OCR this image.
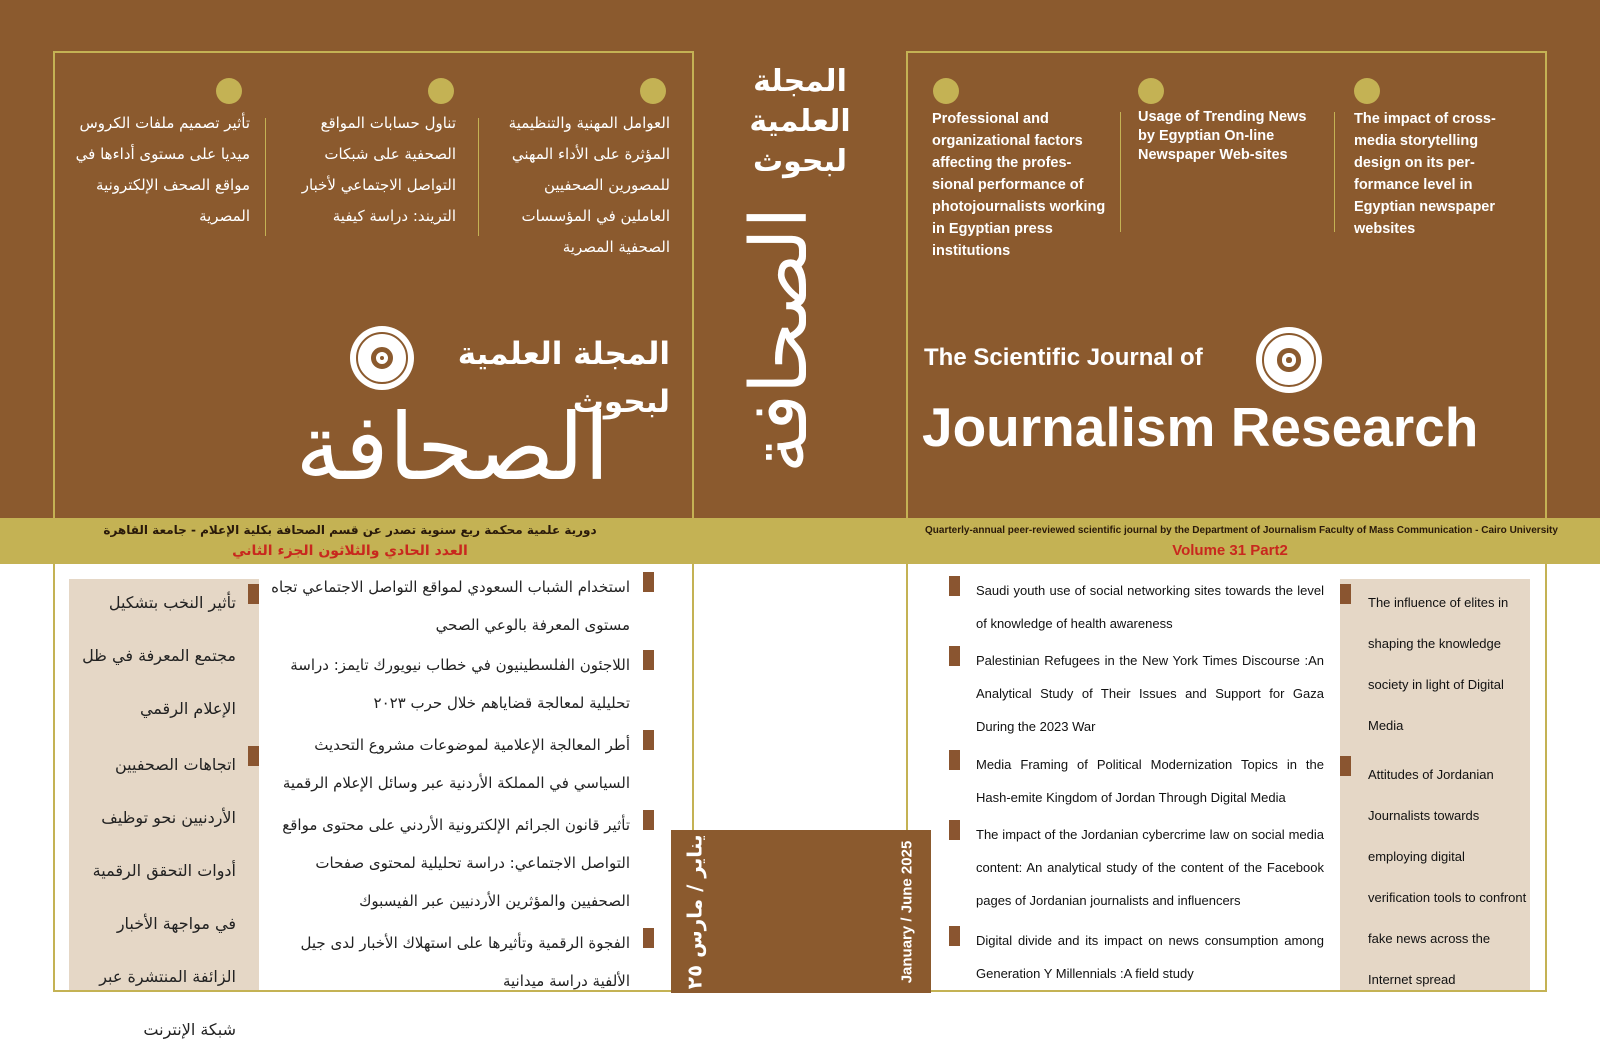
العوامل المهنية والتنظيمية المؤثرة على الأداء المهني للمصورين الصحفيين العاملين في المؤسسات الصحفية المصرية
تناول حسابات المواقع الصحفية على شبكات التواصل الاجتماعي لأخبار التريند: دراسة كيفية
تأثير تصميم ملفات الكروس ميديا على مستوى أداءها في مواقع الصحف الإلكترونية المصرية
المجلة العلمية لبحوث
الصحافة
دورية علمية محكمة ربع سنوية تصدر عن قسم الصحافة بكلية الإعلام - جامعة القاهرة
العدد الحادي والثلاثون الجزء الثاني
المجلة العلمية لبحوث
الصحافة
يناير / مارس ٢٠٢٥	January / June 2025
Professional and organizational factors affecting the profes-sional performance of photojournalists working in Egyptian press institutions
Usage of Trending News by Egyptian On-line Newspaper Web-sites
The impact of cross-media storytelling design on its per-formance level in Egyptian newspaper websites
The Scientific Journal of
Journalism Research
Quarterly-annual peer-reviewed scientific journal by the Department of Journalism Faculty of Mass Communication - Cairo University
Volume 31 Part2
تأثير النخب بتشكيل مجتمع المعرفة في ظل الإعلام الرقمي
اتجاهات الصحفيين الأردنيين نحو توظيف أدوات التحقق الرقمية في مواجهة الأخبار الزائفة المنتشرة عبر شبكة الإنترنت
استخدام الشباب السعودي لمواقع التواصل الاجتماعي تجاه مستوى المعرفة بالوعي الصحي
اللاجئون الفلسطينيون في خطاب نيويورك تايمز: دراسة تحليلية لمعالجة قضاياهم خلال حرب ٢٠٢٣
أطر المعالجة الإعلامية لموضوعات مشروع التحديث السياسي في المملكة الأردنية عبر وسائل الإعلام الرقمية
تأثير قانون الجرائم الإلكترونية الأردني على محتوى مواقع التواصل الاجتماعي: دراسة تحليلية لمحتوى صفحات الصحفيين والمؤثرين الأردنيين عبر الفيسبوك
الفجوة الرقمية وتأثيرها على استهلاك الأخبار لدى جيل الألفية دراسة ميدانية
Saudi youth use of social networking sites towards the level of knowledge of health awareness
Palestinian Refugees in the New York Times Discourse :An Analytical Study of Their Issues and Support for Gaza During the 2023 War
Media Framing of Political Modernization Topics in the Hash-emite Kingdom of Jordan Through Digital Media
The impact of the Jordanian cybercrime law on social media content: An analytical study of the content of the Facebook pages of Jordanian journalists and influencers
Digital divide and its impact on news consumption among Generation Y Millennials :A field study
The influence of elites in shaping the knowledge society in light of Digital Media
Attitudes of Jordanian Journalists towards employing digital verification tools to confront fake news across the Internet spread
